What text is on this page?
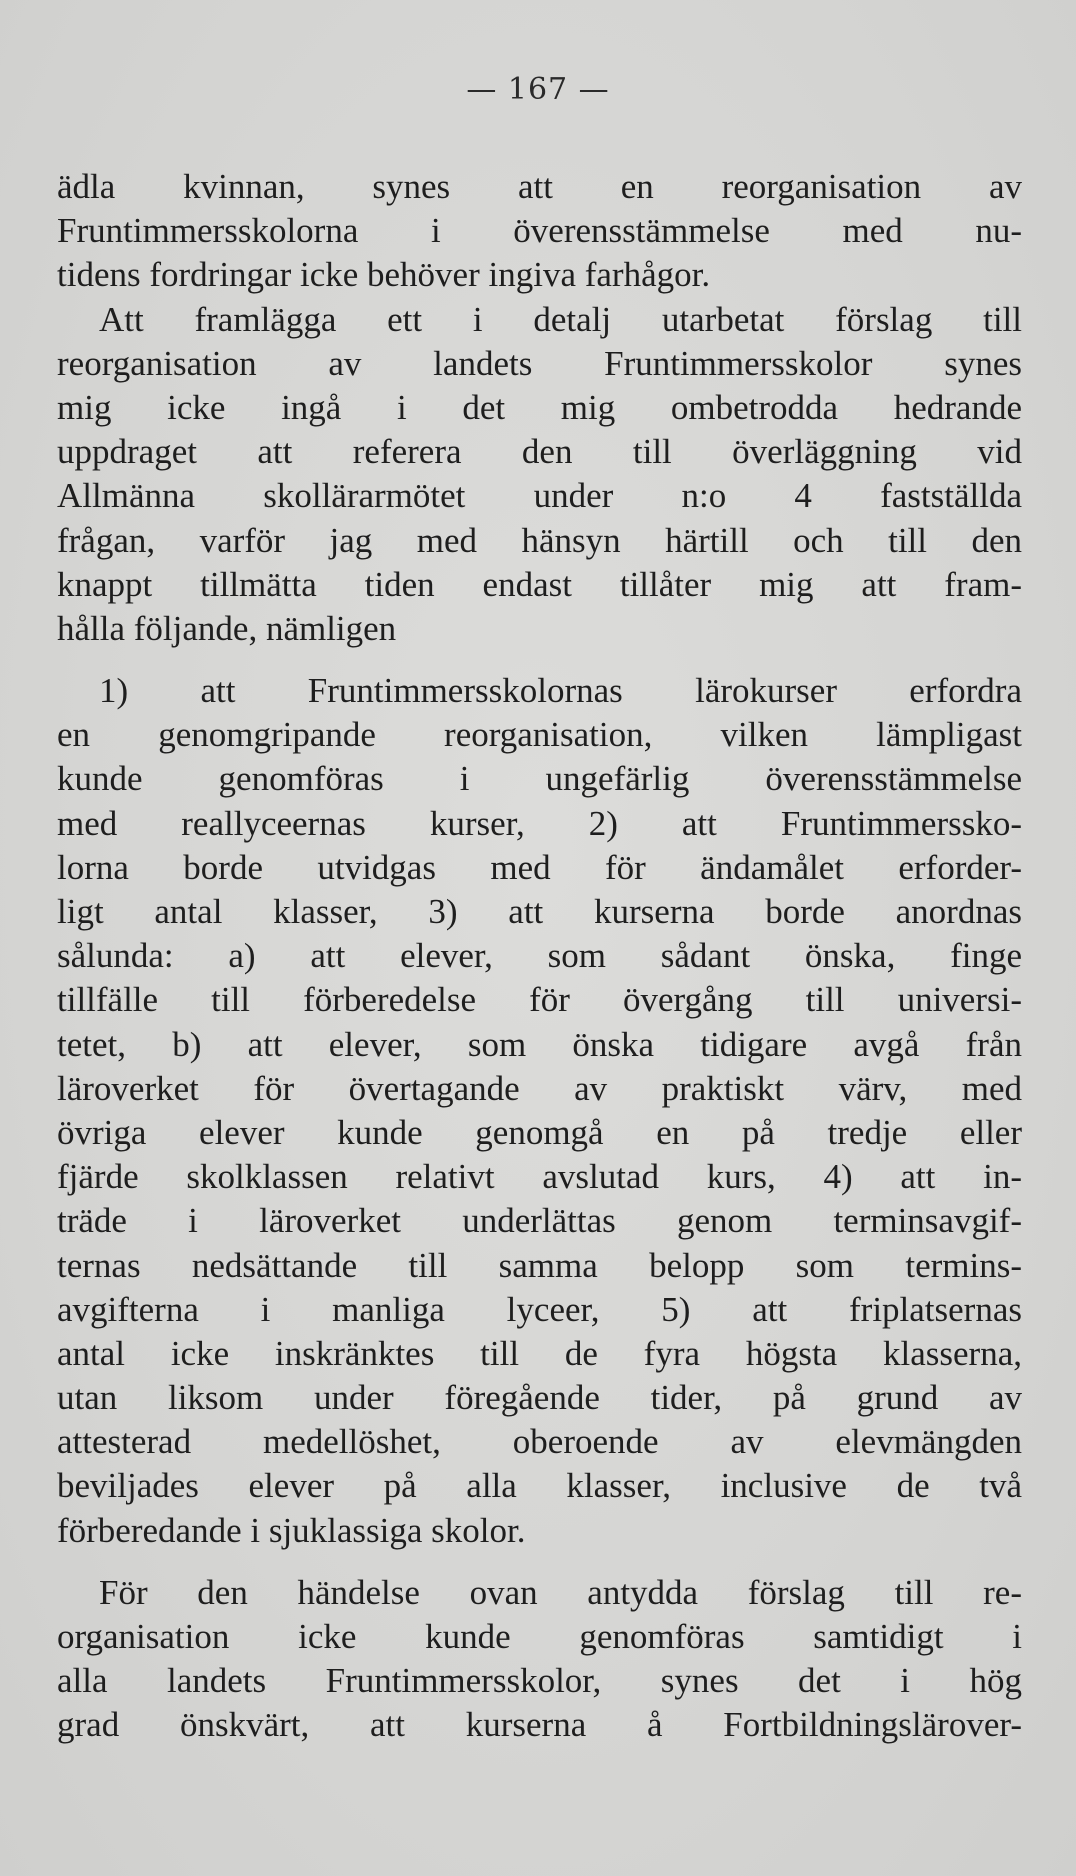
— 167 —
ädla kvinnan, synes att en reorganisation av
Fruntimmersskolorna i överensstämmelse med nu-
tidens fordringar icke behöver ingiva farhågor.
Att framlägga ett i detalj utarbetat förslag till
reorganisation av landets Fruntimmersskolor synes
mig icke ingå i det mig ombetrodda hedrande
uppdraget att referera den till överläggning vid
Allmänna skollärarmötet under n:o 4 fastställda
frågan, varför jag med hänsyn härtill och till den
knappt tillmätta tiden endast tillåter mig att fram-
hålla följande, nämligen
1) att Fruntimmersskolornas lärokurser erfordra
en genomgripande reorganisation, vilken lämpligast
kunde genomföras i ungefärlig överensstämmelse
med reallyceernas kurser, 2) att Fruntimmerssko-
lorna borde utvidgas med för ändamålet erforder-
ligt antal klasser, 3) att kurserna borde anordnas
sålunda: a) att elever, som sådant önska, finge
tillfälle till förberedelse för övergång till universi-
tetet, b) att elever, som önska tidigare avgå från
läroverket för övertagande av praktiskt värv, med
övriga elever kunde genomgå en på tredje eller
fjärde skolklassen relativt avslutad kurs, 4) att in-
träde i läroverket underlättas genom terminsavgif-
ternas nedsättande till samma belopp som termins-
avgifterna i manliga lyceer, 5) att friplatsernas
antal icke inskränktes till de fyra högsta klasserna,
utan liksom under föregående tider, på grund av
attesterad medellöshet, oberoende av elevmängden
beviljades elever på alla klasser, inclusive de två
förberedande i sjuklassiga skolor.
För den händelse ovan antydda förslag till re-
organisation icke kunde genomföras samtidigt i
alla landets Fruntimmersskolor, synes det i hög
grad önskvärt, att kurserna å Fortbildningslärover-
